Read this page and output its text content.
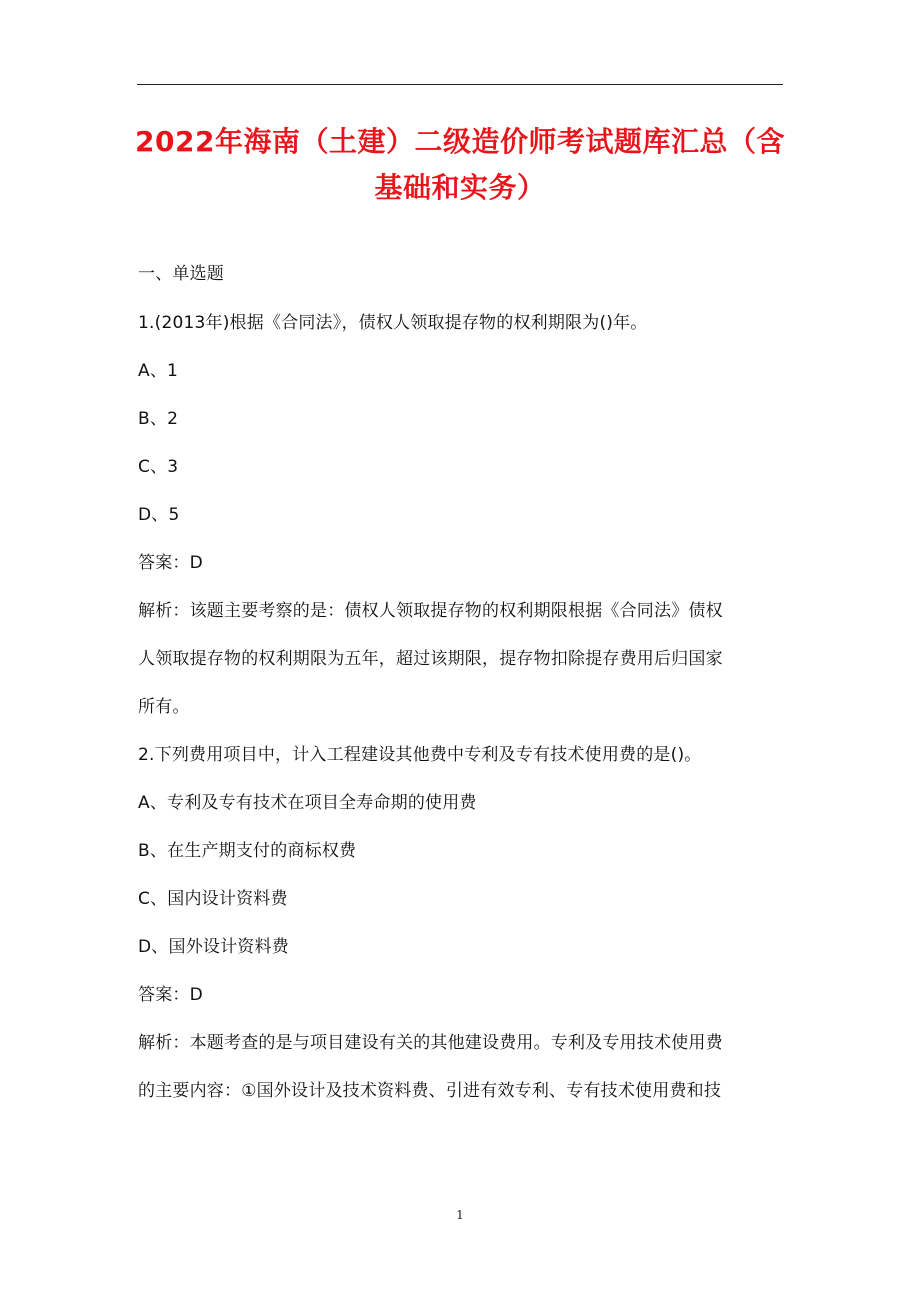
2022年海南（土建）二级造价师考试题库汇总（含
基础和实务）
一、单选题
1.(2013年)根据《合同法》，债权人领取提存物的权利期限为()年。
A、1
B、2
C、3
D、5
答案：D
解析：该题主要考察的是：债权人领取提存物的权利期限根据《合同法》债权
人领取提存物的权利期限为五年，超过该期限，提存物扣除提存费用后归国家
所有。
2.下列费用项目中，计入工程建设其他费中专利及专有技术使用费的是()。
A、专利及专有技术在项目全寿命期的使用费
B、在生产期支付的商标权费
C、国内设计资料费
D、国外设计资料费
答案：D
解析：本题考查的是与项目建设有关的其他建设费用。专利及专用技术使用费
的主要内容：①国外设计及技术资料费、引进有效专利、专有技术使用费和技
1
